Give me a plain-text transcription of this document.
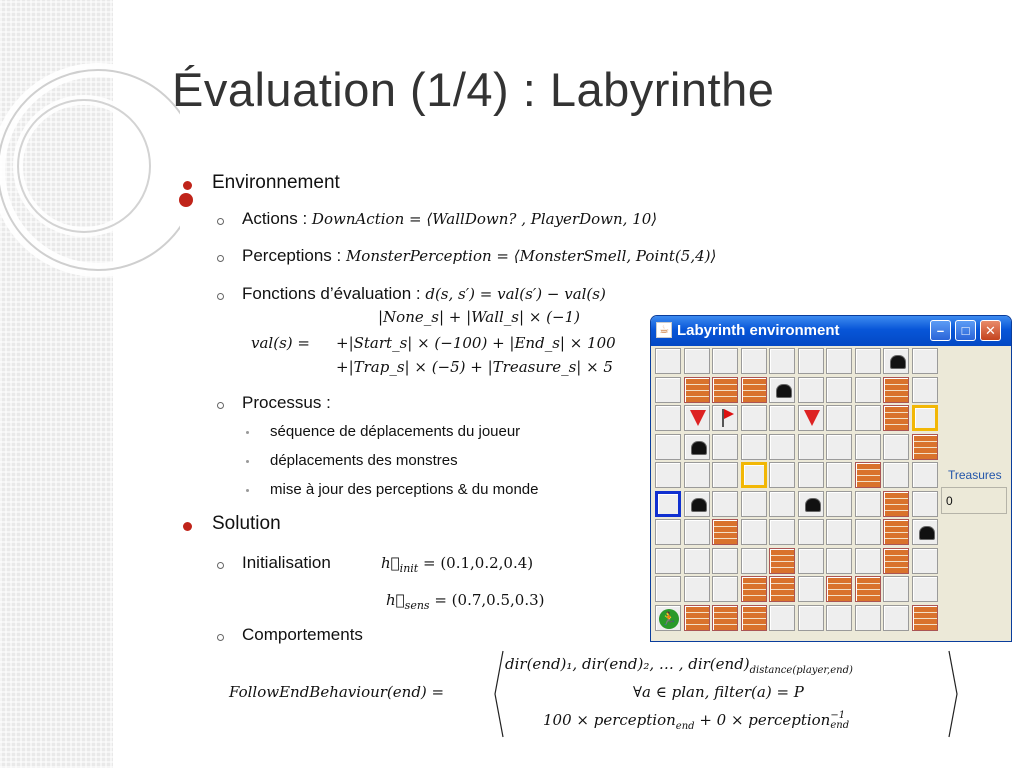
Évaluation (1/4) : Labyrinthe
Environnement
Actions : DownAction = ⟨WallDown? , PlayerDown, 10⟩
Perceptions : MonsterPerception = ⟨MonsterSmell, Point(5,4)⟩
Fonctions d’évaluation : d(s, s′) = val(s′) − val(s)
|None_s| + |Wall_s| × (−1)
val(s) = +|Start_s| × (−100) + |End_s| × 100
+|Trap_s| × (−5) + |Treasure_s| × 5
Processus :
séquence de déplacements du joueur
déplacements des monstres
mise à jour des perceptions & du monde
Solution
Initialisation	$h⃗_{init} = (0.1,0.2,0.4)$
$h⃗_{sens} = (0.7,0.5,0.3)$
Comportements
FollowEndBehaviour(end) =
dir(end)₁, dir(end)₂, … , $dir(end)_{distance(player,end)}$
∀a ∈ plan, filter(a) = P
100 × perception$_{end}$ + 0 × perception −1
end
☕ Labyrinth environment	–	□	✕
🏃
Treasures
0
